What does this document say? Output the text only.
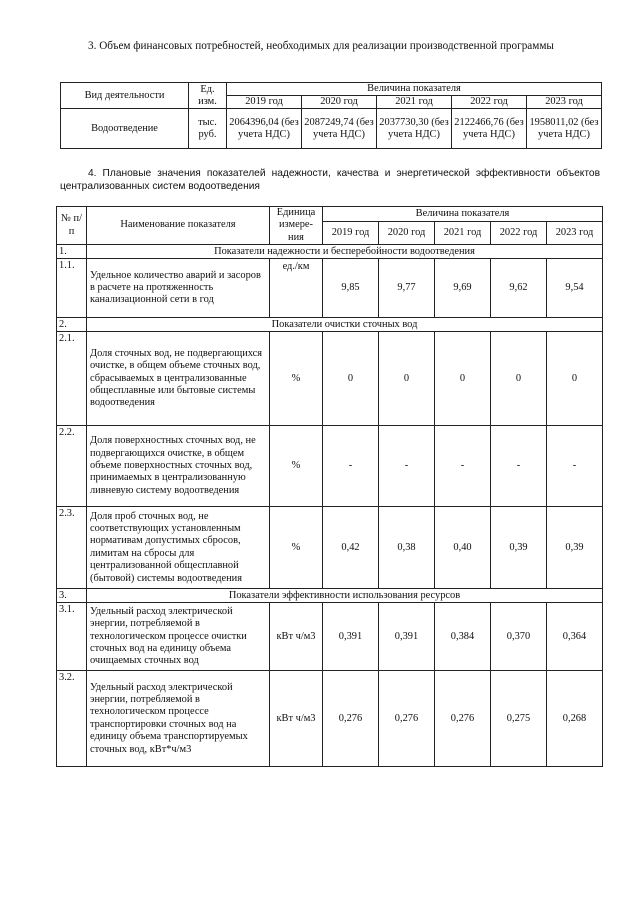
3. Объем финансовых потребностей, необходимых для реализации производственной программы
Вид деятельности	Ед. изм.	Величина показателя				
		2019 год	2020 год	2021 год	2022 год	2023 год
Водоотведение	тыс. руб.	2064396,04 (без учета НДС)	2087249,74 (без учета НДС)	2037730,30 (без учета НДС)	2122466,76 (без учета НДС)	1958011,02 (без учета НДС)
4. Плановые значения показателей надежности, качества и энергетической эффективности объектов централизованных систем водоотведения
№ п/п	Наименование показателя	Единица измере-ния	Величина показателя				
			2019 год	2020 год	2021 год	2022 год	2023 год
1.	Показатели надежности и бесперебойности водоотведения						
1.1.	Удельное количество аварий и засоров в расчете на протяженность канализационной сети в год	ед./км	9,85	9,77	9,69	9,62	9,54
2.	Показатели очистки сточных вод						
2.1.	Доля сточных вод, не подвергающихся очистке, в общем объеме сточных вод, сбрасываемых в централизованные общесплавные или бытовые системы водоотведения	%	0	0	0	0	0
2.2.	Доля поверхностных сточных вод, не подвергающихся очистке, в общем объеме поверхностных сточных вод, принимаемых в централизованную ливневую систему водоотведения	%	-	-	-	-	-
2.3.	Доля проб сточных вод, не соответствующих установленным нормативам допустимых сбросов, лимитам на сбросы для централизованной общесплавной (бытовой) системы водоотведения	%	0,42	0,38	0,40	0,39	0,39
3.	Показатели эффективности использования ресурсов						
3.1.	Удельный расход электрической энергии, потребляемой в технологическом процессе очистки сточных вод на единицу объема очищаемых сточных вод	кВт ч/м3	0,391	0,391	0,384	0,370	0,364
3.2.	Удельный расход электрической энергии, потребляемой в технологическом процессе транспортировки сточных вод на единицу объема транспортируемых сточных вод, кВт*ч/м3	кВт ч/м3	0,276	0,276	0,276	0,275	0,268
